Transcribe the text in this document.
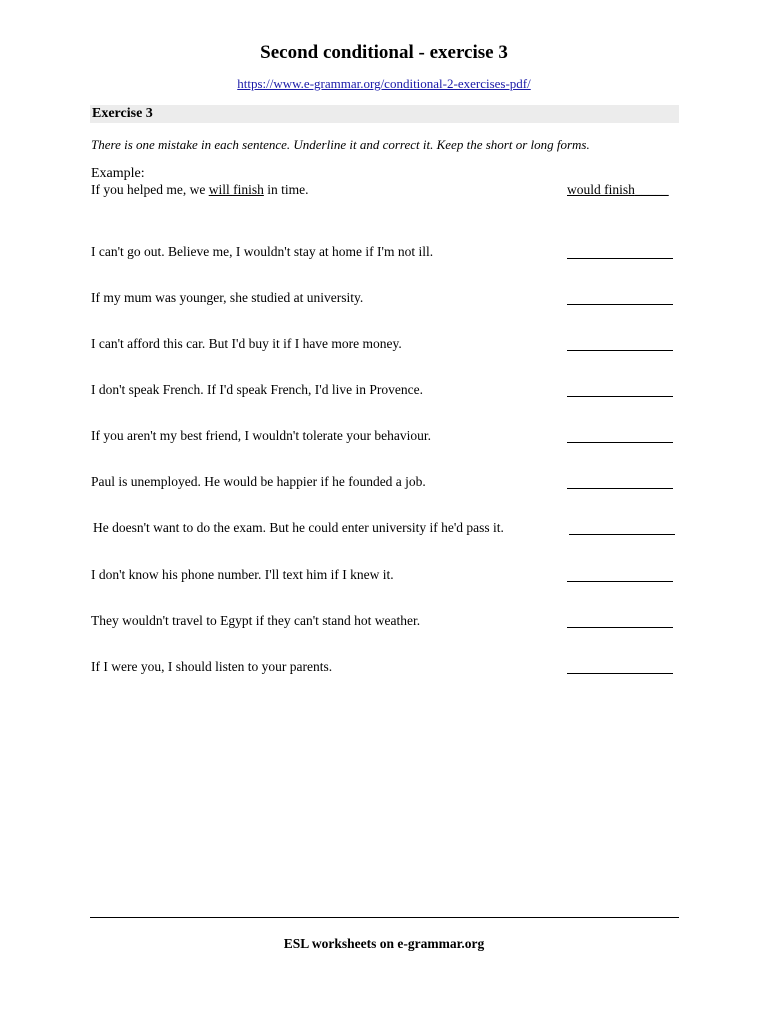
Second conditional - exercise 3
https://www.e-grammar.org/conditional-2-exercises-pdf/
Exercise 3
There is one mistake in each sentence. Underline it and correct it. Keep the short or long forms.
Example:
If you helped me, we will finish in time.	would finish_____
I can't go out. Believe me, I wouldn't stay at home if I'm not ill.
If my mum was younger, she studied at university.
I can't afford this car. But I'd buy it if I have more money.
I don't speak French. If I'd speak French, I'd live in Provence.
If you aren't my best friend, I wouldn't tolerate your behaviour.
Paul is unemployed. He would be happier if he founded a job.
He doesn't want to do the exam. But he could enter university if he'd pass it.
I don't know his phone number. I'll text him if I knew it.
They wouldn't travel to Egypt if they can't stand hot weather.
If I were you, I should listen to your parents.
ESL worksheets on e-grammar.org
